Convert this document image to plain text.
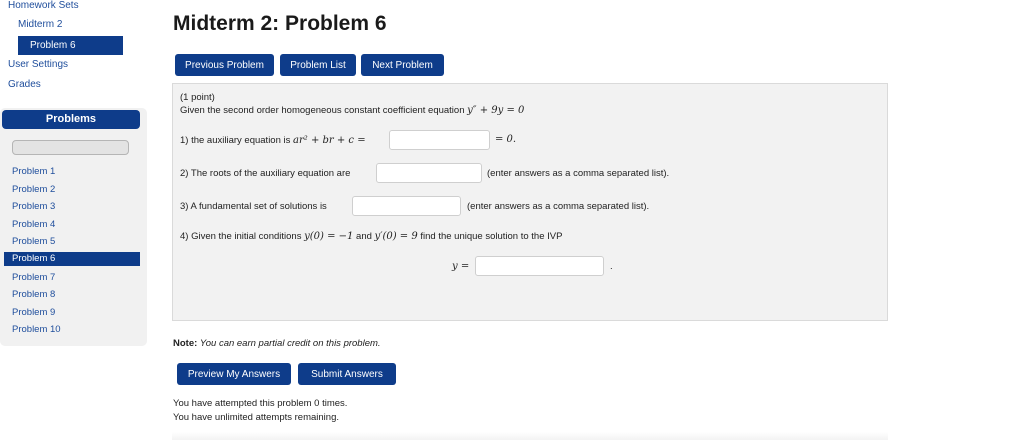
Homework Sets
Midterm 2
Problem 6
User Settings
Grades
Problems
Problem 1
Problem 2
Problem 3
Problem 4
Problem 5
Problem 6
Problem 7
Problem 8
Problem 9
Problem 10
Midterm 2: Problem 6
Previous Problem	Problem List	Next Problem
(1 point)
Given the second order homogeneous constant coefficient equation y″ + 9y = 0
1) the auxiliary equation is ar² + br + c =	= 0.
2) The roots of the auxiliary equation are	(enter answers as a comma separated list).
3) A fundamental set of solutions is	(enter answers as a comma separated list).
4) Given the initial conditions y(0) = −1 and y′(0) = 9 find the unique solution to the IVP
y =	.
Note: You can earn partial credit on this problem.
Preview My Answers	Submit Answers
You have attempted this problem 0 times.
You have unlimited attempts remaining.
